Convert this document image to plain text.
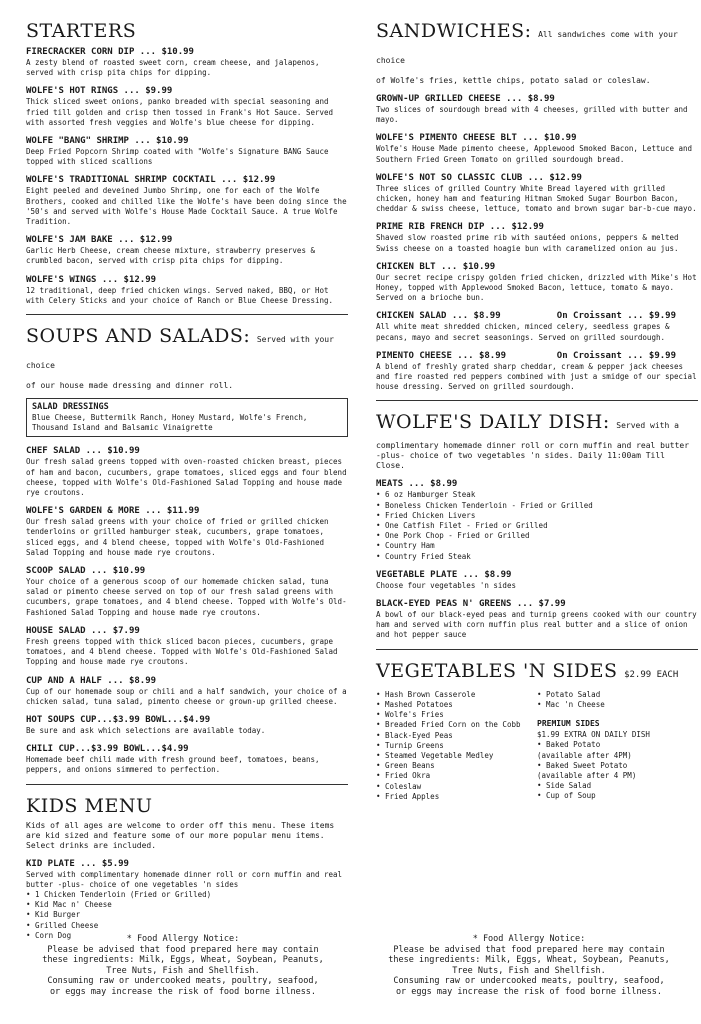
STARTERS
FIRECRACKER CORN DIP ... $10.99
A zesty blend of roasted sweet corn, cream cheese, and jalapenos, served with crisp pita chips for dipping.
WOLFE'S HOT RINGS ... $9.99
Thick sliced sweet onions, panko breaded with special seasoning and fried till golden and crisp then tossed in Frank's Hot Sauce. Served with assorted fresh veggies and Wolfe's blue cheese for dipping.
WOLFE "BANG" SHRIMP ... $10.99
Deep Fried Popcorn Shrimp coated with "Wolfe's Signature BANG Sauce topped with sliced scallions
WOLFE'S TRADITIONAL SHRIMP COCKTAIL ... $12.99
Eight peeled and deveined Jumbo Shrimp, one for each of the Wolfe Brothers, cooked and chilled like the Wolfe's have been doing since the '50's and served with Wolfe's House Made Cocktail Sauce. A true Wolfe Tradition.
WOLFE'S JAM BAKE ... $12.99
Garlic Herb Cheese, cream cheese mixture, strawberry preserves & crumbled bacon, served with crisp pita chips for dipping.
WOLFE'S WINGS ... $12.99
12 traditional, deep fried chicken wings. Served naked, BBQ, or Hot with Celery Sticks and your choice of Ranch or Blue Cheese Dressing.
SOUPS AND SALADS: Served with your choice
of our house made dressing and dinner roll.
SALAD DRESSINGS
Blue Cheese, Buttermilk Ranch, Honey Mustard, Wolfe's French, Thousand Island and Balsamic Vinaigrette
CHEF SALAD ... $10.99
Our fresh salad greens topped with oven-roasted chicken breast, pieces of ham and bacon, cucumbers, grape tomatoes, sliced eggs and four blend cheese, topped with Wolfe's Old-Fashioned Salad Topping and house made rye croutons.
WOLFE'S GARDEN & MORE ... $11.99
Our fresh salad greens with your choice of fried or grilled chicken tenderloins or grilled hamburger steak, cucumbers, grape tomatoes, sliced eggs, and 4 blend cheese, topped with Wolfe's Old-Fashioned Salad Topping and house made rye croutons.
SCOOP SALAD ... $10.99
Your choice of a generous scoop of our homemade chicken salad, tuna salad or pimento cheese served on top of our fresh salad greens with cucumbers, grape tomatoes, and 4 blend cheese. Topped with Wolfe's Old-Fashioned Salad Topping and house made rye croutons.
HOUSE SALAD ... $7.99
Fresh greens topped with thick sliced bacon pieces, cucumbers, grape tomatoes, and 4 blend cheese. Topped with Wolfe's Old-Fashioned Salad Topping and house made rye croutons.
CUP AND A HALF ... $8.99
Cup of our homemade soup or chili and a half sandwich, your choice of a chicken salad, tuna salad, pimento cheese or grown-up grilled cheese.
HOT SOUPS CUP...$3.99 BOWL...$4.99
Be sure and ask which selections are available today.
CHILI CUP...$3.99 BOWL...$4.99
Homemade beef chili made with fresh ground beef, tomatoes, beans, peppers, and onions simmered to perfection.
KIDS MENU
Kids of all ages are welcome to order off this menu. These items are kid sized and feature some of our more popular menu items. Select drinks are included.
KID PLATE ... $5.99
Served with complimentary homemade dinner roll or corn muffin and real butter -plus- choice of one vegetables 'n sides
• 1 Chicken Tenderloin (Fried or Grilled)
• Kid Mac n' Cheese
• Kid Burger
• Grilled Cheese
• Corn Dog
SANDWICHES: All sandwiches come with your choice
of Wolfe's fries, kettle chips, potato salad or coleslaw.
GROWN-UP GRILLED CHEESE ... $8.99
Two slices of sourdough bread with 4 cheeses, grilled with butter and mayo.
WOLFE'S PIMENTO CHEESE BLT ... $10.99
Wolfe's House Made pimento cheese, Applewood Smoked Bacon, Lettuce and Southern Fried Green Tomato on grilled sourdough bread.
WOLFE'S NOT SO CLASSIC CLUB ... $12.99
Three slices of grilled Country White Bread layered with grilled chicken, honey ham and featuring Hitman Smoked Sugar Bourbon Bacon, cheddar & swiss cheese, lettuce, tomato and brown sugar bar-b-cue mayo.
PRIME RIB FRENCH DIP ... $12.99
Shaved slow roasted prime rib with sautéed onions, peppers & melted Swiss cheese on a toasted hoagie bun with caramelized onion au jus.
CHICKEN BLT ... $10.99
Our secret recipe crispy golden fried chicken, drizzled with Mike's Hot Honey, topped with Applewood Smoked Bacon, lettuce, tomato & mayo. Served on a brioche bun.
CHICKEN SALAD ... $8.99	On Croissant ... $9.99
All white meat shredded chicken, minced celery, seedless grapes & pecans, mayo and secret seasonings. Served on grilled sourdough.
PIMENTO CHEESE ... $8.99	On Croissant ... $9.99
A blend of freshly grated sharp cheddar, cream & pepper jack cheeses and fire roasted red peppers combined with just a smidge of our special house dressing. Served on grilled sourdough.
WOLFE'S DAILY DISH: Served with a
complimentary homemade dinner roll or corn muffin and real butter -plus- choice of two vegetables 'n sides. Daily 11:00am Till Close.
MEATS ... $8.99
• 6 oz Hamburger Steak
• Boneless Chicken Tenderloin - Fried or Grilled
• Fried Chicken Livers
• One Catfish Filet - Fried or Grilled
• One Pork Chop - Fried or Grilled
• Country Ham
• Country Fried Steak
VEGETABLE PLATE ... $8.99
Choose four vegetables 'n sides
BLACK-EYED PEAS N' GREENS ... $7.99
A bowl of our black-eyed peas and turnip greens cooked with our country ham and served with corn muffin plus real butter and a slice of onion and hot pepper sauce
VEGETABLES 'N SIDES $2.99 EACH
• Hash Brown Casserole
• Mashed Potatoes
• Wolfe's Fries
• Breaded Fried Corn on the Cobb
• Black-Eyed Peas
• Turnip Greens
• Steamed Vegetable Medley
• Green Beans
• Fried Okra
• Coleslaw
• Fried Apples
• Potato Salad
• Mac 'n Cheese
PREMIUM SIDES
$1.99 EXTRA ON DAILY DISH
• Baked Potato
(available after 4PM)
• Baked Sweet Potato
(available after 4 PM)
• Side Salad
• Cup of Soup
* Food Allergy Notice:
Please be advised that food prepared here may contain
these ingredients: Milk, Eggs, Wheat, Soybean, Peanuts,
Tree Nuts, Fish and Shellfish.
Consuming raw or undercooked meats, poultry, seafood,
or eggs may increase the risk of food borne illness.
* Food Allergy Notice:
Please be advised that food prepared here may contain
these ingredients: Milk, Eggs, Wheat, Soybean, Peanuts,
Tree Nuts, Fish and Shellfish.
Consuming raw or undercooked meats, poultry, seafood,
or eggs may increase the risk of food borne illness.
